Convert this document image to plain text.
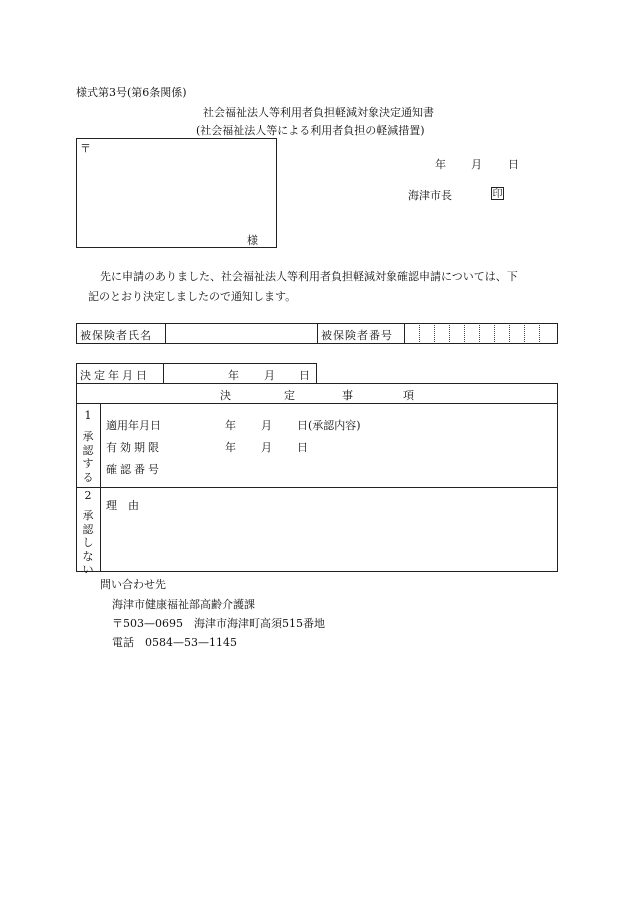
様式第3号(第6条関係)
社会福祉法人等利用者負担軽減対象決定通知書
(社会福祉法人等による利用者負担の軽減措置)
〒
様
年 月 日
海津市長	印
先に申請のありました、社会福祉法人等利用者負担軽減対象確認申請については、下
記のとおり決定しましたので通知します。
被保険者氏名	被保険者番号
決定年月日	年 月 日
決	定	事	項
1
承認する
適用年月日	年 月 日 (承認内容)
有効期限	年 月 日
確認番号
2
承認しない
理　由
問い合わせ先
海津市健康福祉部高齢介護課
〒503—0695　海津市海津町高須515番地
電話　0584—53—1145
